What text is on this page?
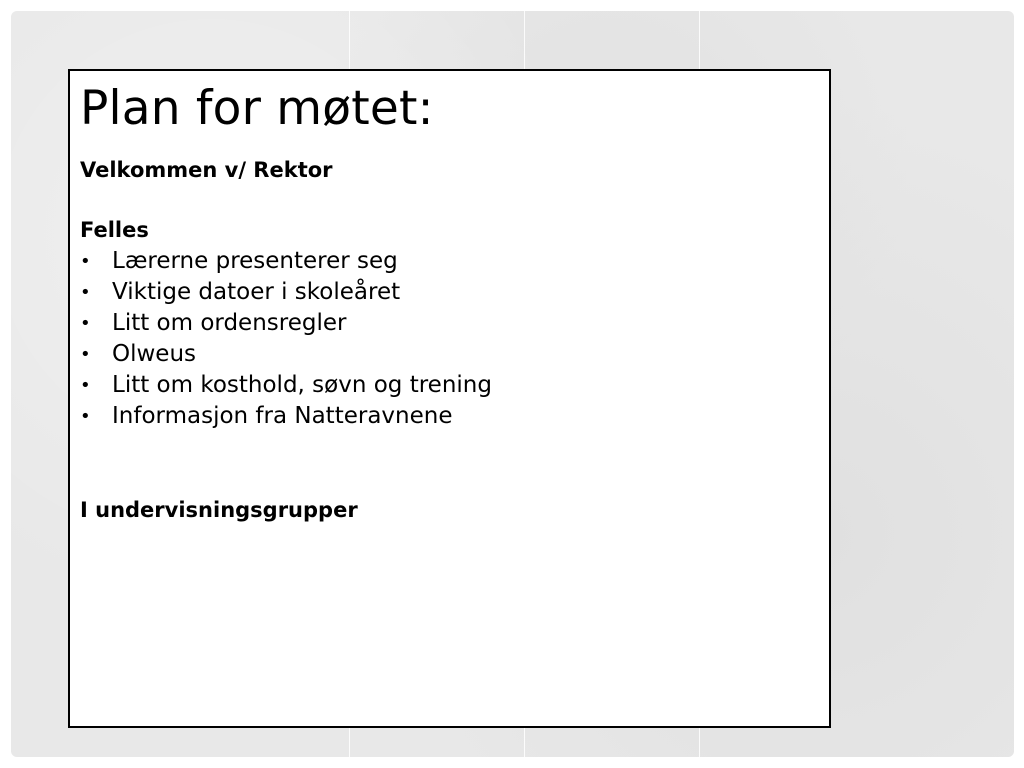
Plan for møtet:

Velkommen v/ Rektor

Felles

• Lærerne presenterer seg
• Viktige datoer i skoleåret
• Litt om ordensregler
• Olweus
• Litt om kosthold, søvn og trening
• Informasjon fra Natteravnene

I undervisningsgrupper
